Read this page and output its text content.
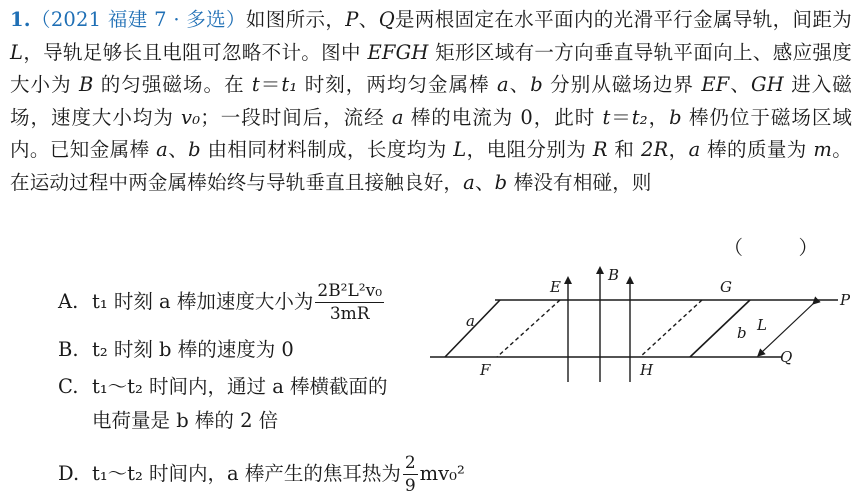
1.（2021 福建 7 · 多选）如图所示，P、Q是两根固定在水平面内的光滑平行金属导轨，间距为 L，导轨足够长且电阻可忽略不计。图中 EFGH 矩形区域有一方向垂直导轨平面向上、感应强度大小为 B 的匀强磁场。在 t＝t₁ 时刻，两均匀金属棒 a、b 分别从磁场边界 EF、GH 进入磁场，速度大小均为 v₀；一段时间后，流经 a 棒的电流为 0，此时 t＝t₂，b 棒仍位于磁场区域内。已知金属棒 a、b 由相同材料制成，长度均为 L，电阻分别为 R 和 2R，a 棒的质量为 m。在运动过程中两金属棒始终与导轨垂直且接触良好，a、b 棒没有相碰，则
（　）
A. t₁ 时刻 a 棒加速度大小为 $\frac{\text{2B²L²v₀}}{3mR}$
B. t₂ 时刻 b 棒的速度为 0
C. t₁～t₂ 时间内，通过 a 棒横截面的
电荷量是 b 棒的 2 倍
D. t₁～t₂ 时间内，a 棒产生的焦耳热为 $\frac{2}{9} mv_0^2$
E
B
G
P
a
b L
F	H
Q
